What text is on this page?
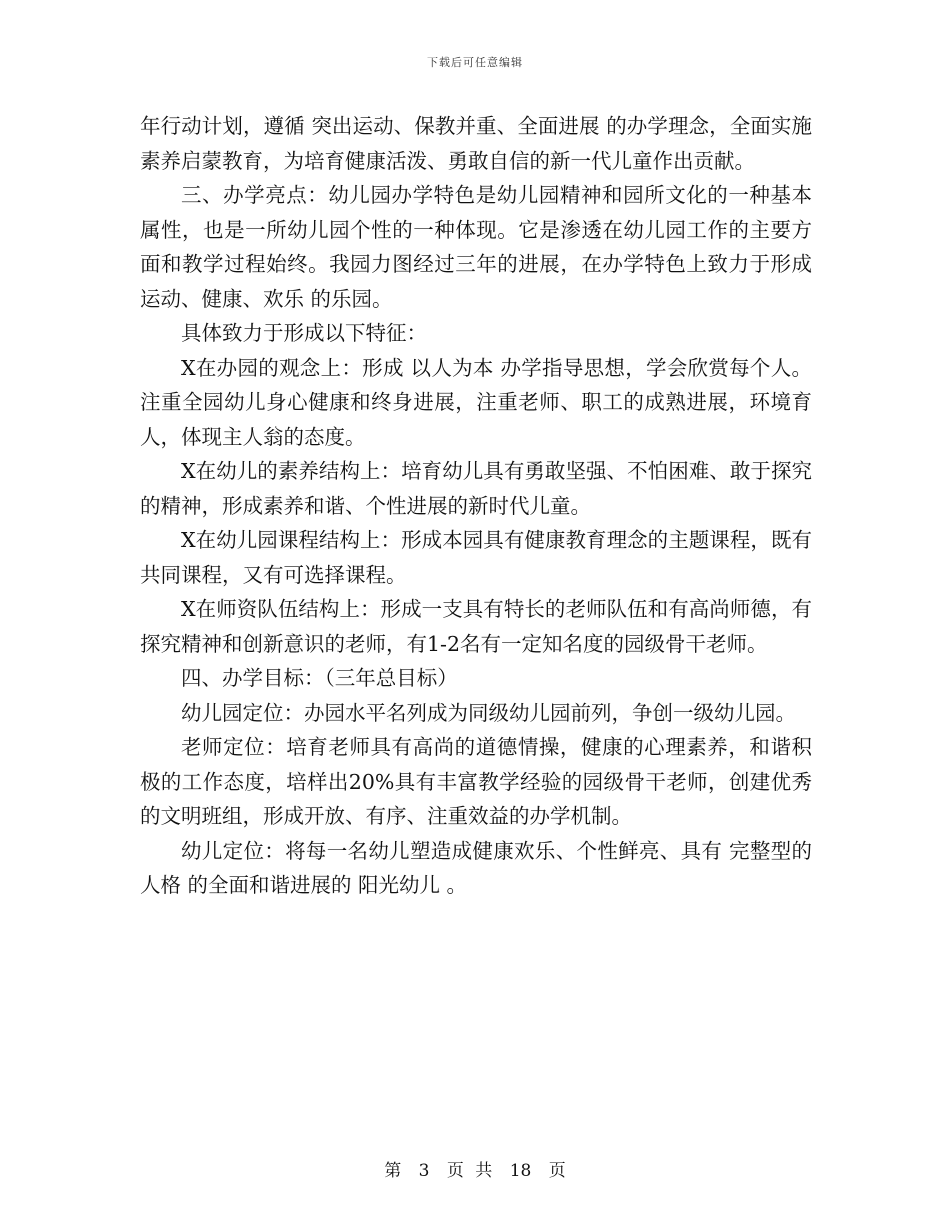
下载后可任意编辑

年行动计划，遵循 突出运动、保教并重、全面进展 的办学理念，全面实施素养启蒙教育，为培育健康活泼、勇敢自信的新一代儿童作出贡献。

三、办学亮点：幼儿园办学特色是幼儿园精神和园所文化的一种基本属性，也是一所幼儿园个性的一种体现。它是渗透在幼儿园工作的主要方面和教学过程始终。我园力图经过三年的进展，在办学特色上致力于形成 运动、健康、欢乐 的乐园。

具体致力于形成以下特征：

X在办园的观念上：形成 以人为本 办学指导思想，学会欣赏每个人。注重全园幼儿身心健康和终身进展，注重老师、职工的成熟进展，环境育人，体现主人翁的态度。

X在幼儿的素养结构上：培育幼儿具有勇敢坚强、不怕困难、敢于探究的精神，形成素养和谐、个性进展的新时代儿童。

X在幼儿园课程结构上：形成本园具有健康教育理念的主题课程，既有共同课程，又有可选择课程。

X在师资队伍结构上：形成一支具有特长的老师队伍和有高尚师德，有探究精神和创新意识的老师，有1-2名有一定知名度的园级骨干老师。

四、办学目标：（三年总目标）

幼儿园定位：办园水平名列成为同级幼儿园前列，争创一级幼儿园。

老师定位：培育老师具有高尚的道德情操，健康的心理素养，和谐积极的工作态度，培样出20%具有丰富教学经验的园级骨干老师，创建优秀的文明班组，形成开放、有序、注重效益的办学机制。

幼儿定位：将每一名幼儿塑造成健康欢乐、个性鲜亮、具有 完整型的人格 的全面和谐进展的 阳光幼儿 。

第 3 页 共 18 页
